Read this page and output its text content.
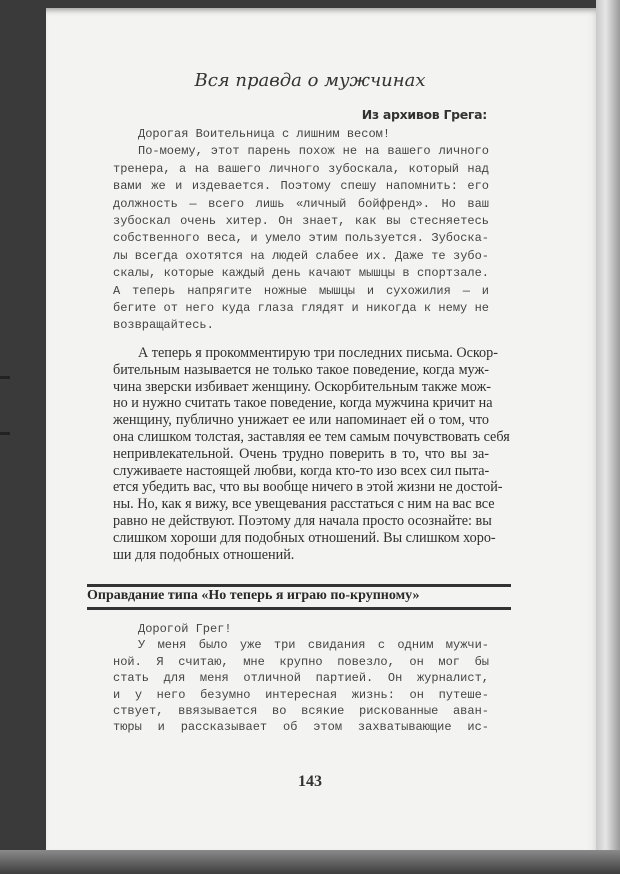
Вся правда о мужчинах
Из архивов Грега:
Дорогая Воительница с лишним весом!
По-моему, этот парень похож не на вашего личного
тренера, а на вашего личного зубоскала, который над
вами же и издевается. Поэтому спешу напомнить: его
должность — всего лишь «личный бойфренд». Но ваш
зубоскал очень хитер. Он знает, как вы стесняетесь
собственного веса, и умело этим пользуется. Зубоска-
лы всегда охотятся на людей слабее их. Даже те зубо-
скалы, которые каждый день качают мышцы в спортзале.
А теперь напрягите ножные мышцы и сухожилия — и
бегите от него куда глаза глядят и никогда к нему не
возвращайтесь.
А теперь я прокомментирую три последних письма. Оскор-
бительным называется не только такое поведение, когда муж-
чина зверски избивает женщину. Оскорбительным также мож-
но и нужно считать такое поведение, когда мужчина кричит на
женщину, публично унижает ее или напоминает ей о том, что
она слишком толстая, заставляя ее тем самым почувствовать себя
непривлекательной. Очень трудно поверить в то, что вы за-
служиваете настоящей любви, когда кто-то изо всех сил пыта-
ется убедить вас, что вы вообще ничего в этой жизни не достой-
ны. Но, как я вижу, все увещевания расстаться с ним на вас все
равно не действуют. Поэтому для начала просто осознайте: вы
слишком хороши для подобных отношений. Вы слишком хоро-
ши для подобных отношений.
Оправдание типа «Но теперь я играю по-крупному»
Дорогой Грег!
У меня было уже три свидания с одним мужчи-
ной. Я считаю, мне крупно повезло, он мог бы
стать для меня отличной партией. Он журналист,
и у него безумно интересная жизнь: он путеше-
ствует, ввязывается во всякие рискованные аван-
тюры и рассказывает об этом захватывающие ис-
143
